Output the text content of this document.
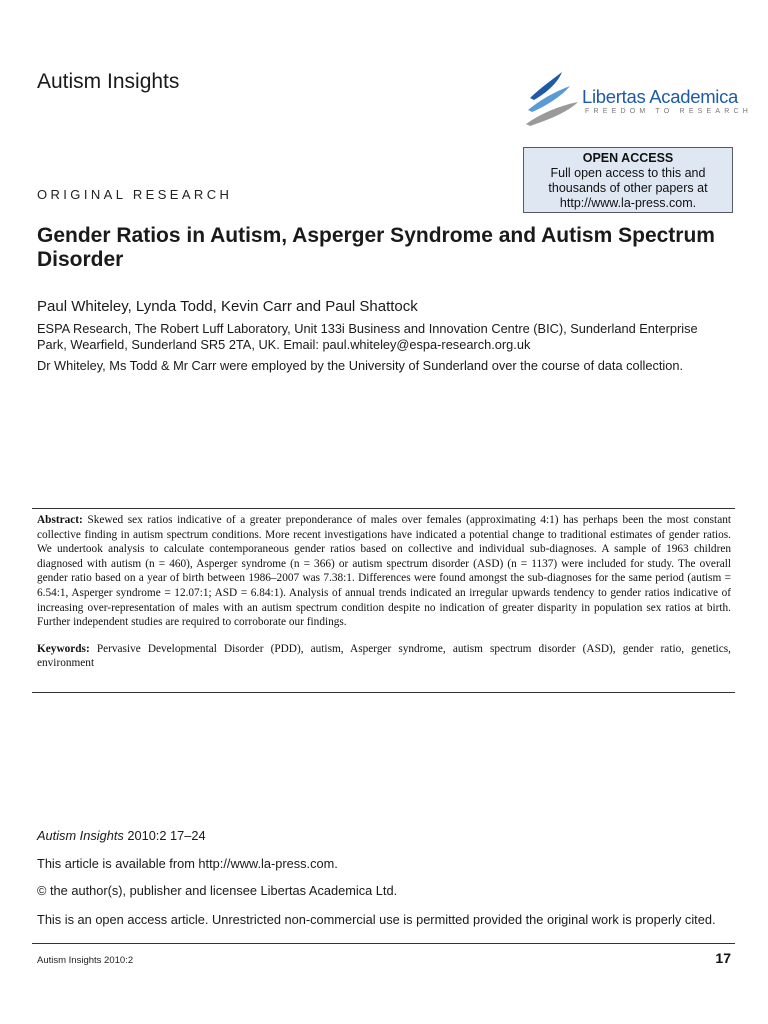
Autism Insights
Libertas Academica
FREEDOM TO RESEARCH
OPEN ACCESS
Full open access to this and
thousands of other papers at
http://www.la-press.com.
ORIGINAL RESEARCH
Gender Ratios in Autism, Asperger Syndrome and Autism Spectrum Disorder
Paul Whiteley, Lynda Todd, Kevin Carr and Paul Shattock
ESPA Research, The Robert Luff Laboratory, Unit 133i Business and Innovation Centre (BIC), Sunderland Enterprise Park, Wearfield, Sunderland SR5 2TA, UK. Email: paul.whiteley@espa-research.org.uk
Dr Whiteley, Ms Todd & Mr Carr were employed by the University of Sunderland over the course of data collection.
Abstract: Skewed sex ratios indicative of a greater preponderance of males over females (approximating 4:1) has perhaps been the most constant collective finding in autism spectrum conditions. More recent investigations have indicated a potential change to traditional estimates of gender ratios. We undertook analysis to calculate contemporaneous gender ratios based on collective and individual sub-diagnoses. A sample of 1963 children diagnosed with autism (n = 460), Asperger syndrome (n = 366) or autism spectrum disorder (ASD) (n = 1137) were included for study. The overall gender ratio based on a year of birth between 1986–2007 was 7.38:1. Differences were found amongst the sub-diagnoses for the same period (autism = 6.54:1, Asperger syndrome = 12.07:1; ASD = 6.84:1). Analysis of annual trends indicated an irregular upwards tendency to gender ratios indicative of increasing over-representation of males with an autism spectrum condition despite no indication of greater disparity in population sex ratios at birth. Further independent studies are required to corroborate our findings.
Keywords: Pervasive Developmental Disorder (PDD), autism, Asperger syndrome, autism spectrum disorder (ASD), gender ratio, genetics, environment
Autism Insights 2010:2 17–24
This article is available from http://www.la-press.com.
© the author(s), publisher and licensee Libertas Academica Ltd.
This is an open access article. Unrestricted non-commercial use is permitted provided the original work is properly cited.
Autism Insights 2010:2	17
